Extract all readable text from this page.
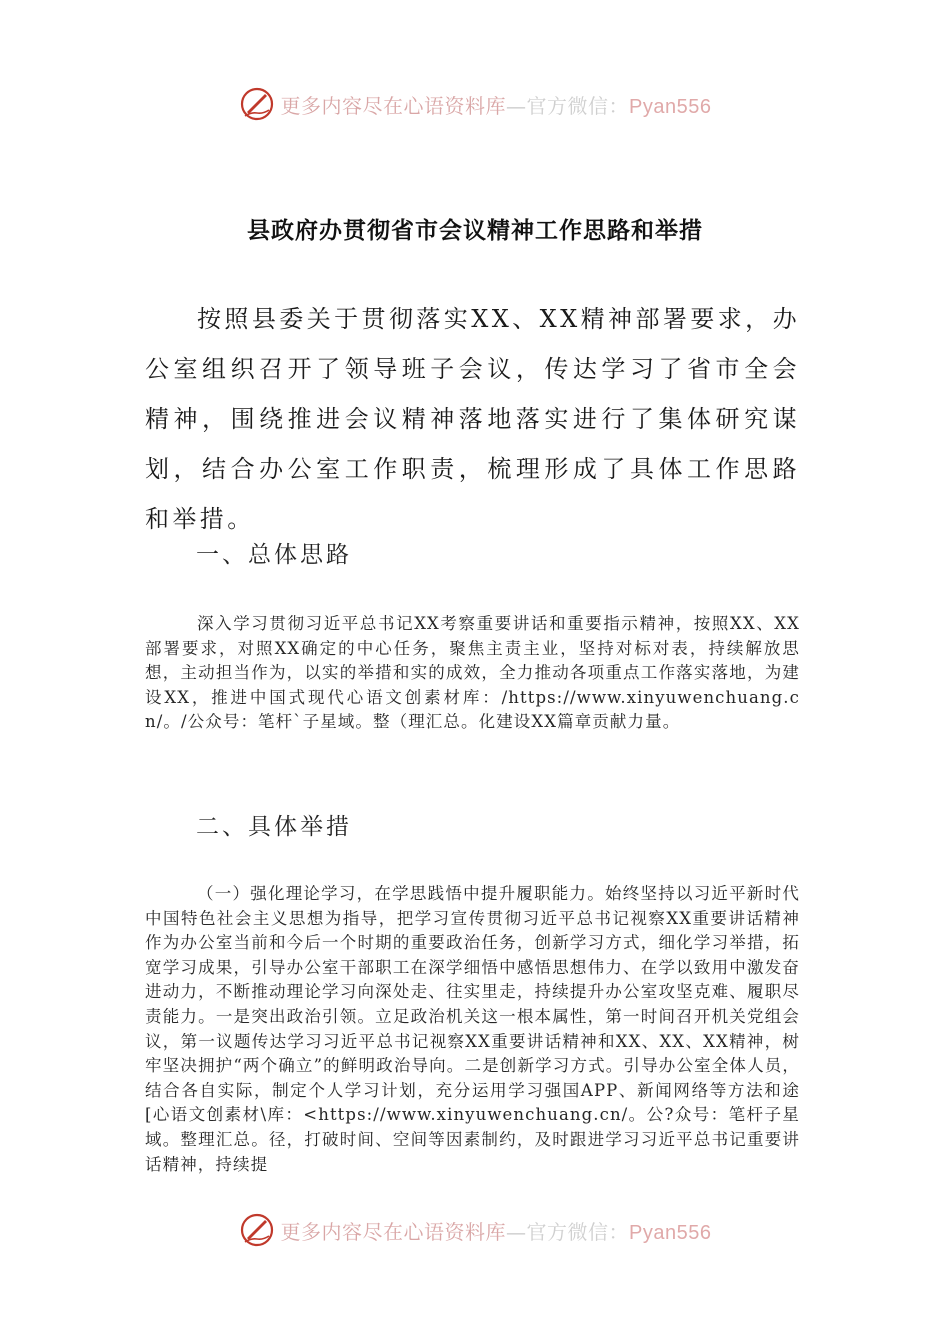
更多内容尽在心语资料库—官方微信：Pyan556
县政府办贯彻省市会议精神工作思路和举措

按照县委关于贯彻落实XX、XX精神部署要求，办公室组织召开了领导班子会议，传达学习了省市全会精神，围绕推进会议精神落地落实进行了集体研究谋划，结合办公室工作职责，梳理形成了具体工作思路和举措。

一、总体思路

深入学习贯彻习近平总书记XX考察重要讲话和重要指示精神，按照XX、XX部署要求，对照XX确定的中心任务，聚焦主责主业，坚持对标对表，持续解放思想，主动担当作为，以实的举措和实的成效，全力推动各项重点工作落实落地，为建设XX，推进中国式现代心语文创素材库：/https://www.xinyuwenchuang.cn/。/公众号：笔杆`子星域。整（理汇总。化建设XX篇章贡献力量。

二、具体举措

（一）强化理论学习，在学思践悟中提升履职能力。始终坚持以习近平新时代中国特色社会主义思想为指导，把学习宣传贯彻习近平总书记视察XX重要讲话精神作为办公室当前和今后一个时期的重要政治任务，创新学习方式，细化学习举措，拓宽学习成果，引导办公室干部职工在深学细悟中感悟思想伟力、在学以致用中激发奋进动力，不断推动理论学习向深处走、往实里走，持续提升办公室攻坚克难、履职尽责能力。一是突出政治引领。立足政治机关这一根本属性，第一时间召开机关党组会议，第一议题传达学习习近平总书记视察XX重要讲话精神和XX、XX、XX精神，树牢坚决拥护“两个确立”的鲜明政治导向。二是创新学习方式。引导办公室全体人员，结合各自实际，制定个人学习计划，充分运用学习强国APP、新闻网络等方法和途[心语文创素材\库：<https://www.xinyuwenchuang.cn/。公?众号：笔杆子星域。整理汇总。径，打破时间、空间等因素制约，及时跟进学习习近平总书记重要讲话精神，持续提

更多内容尽在心语资料库—官方微信：Pyan556
